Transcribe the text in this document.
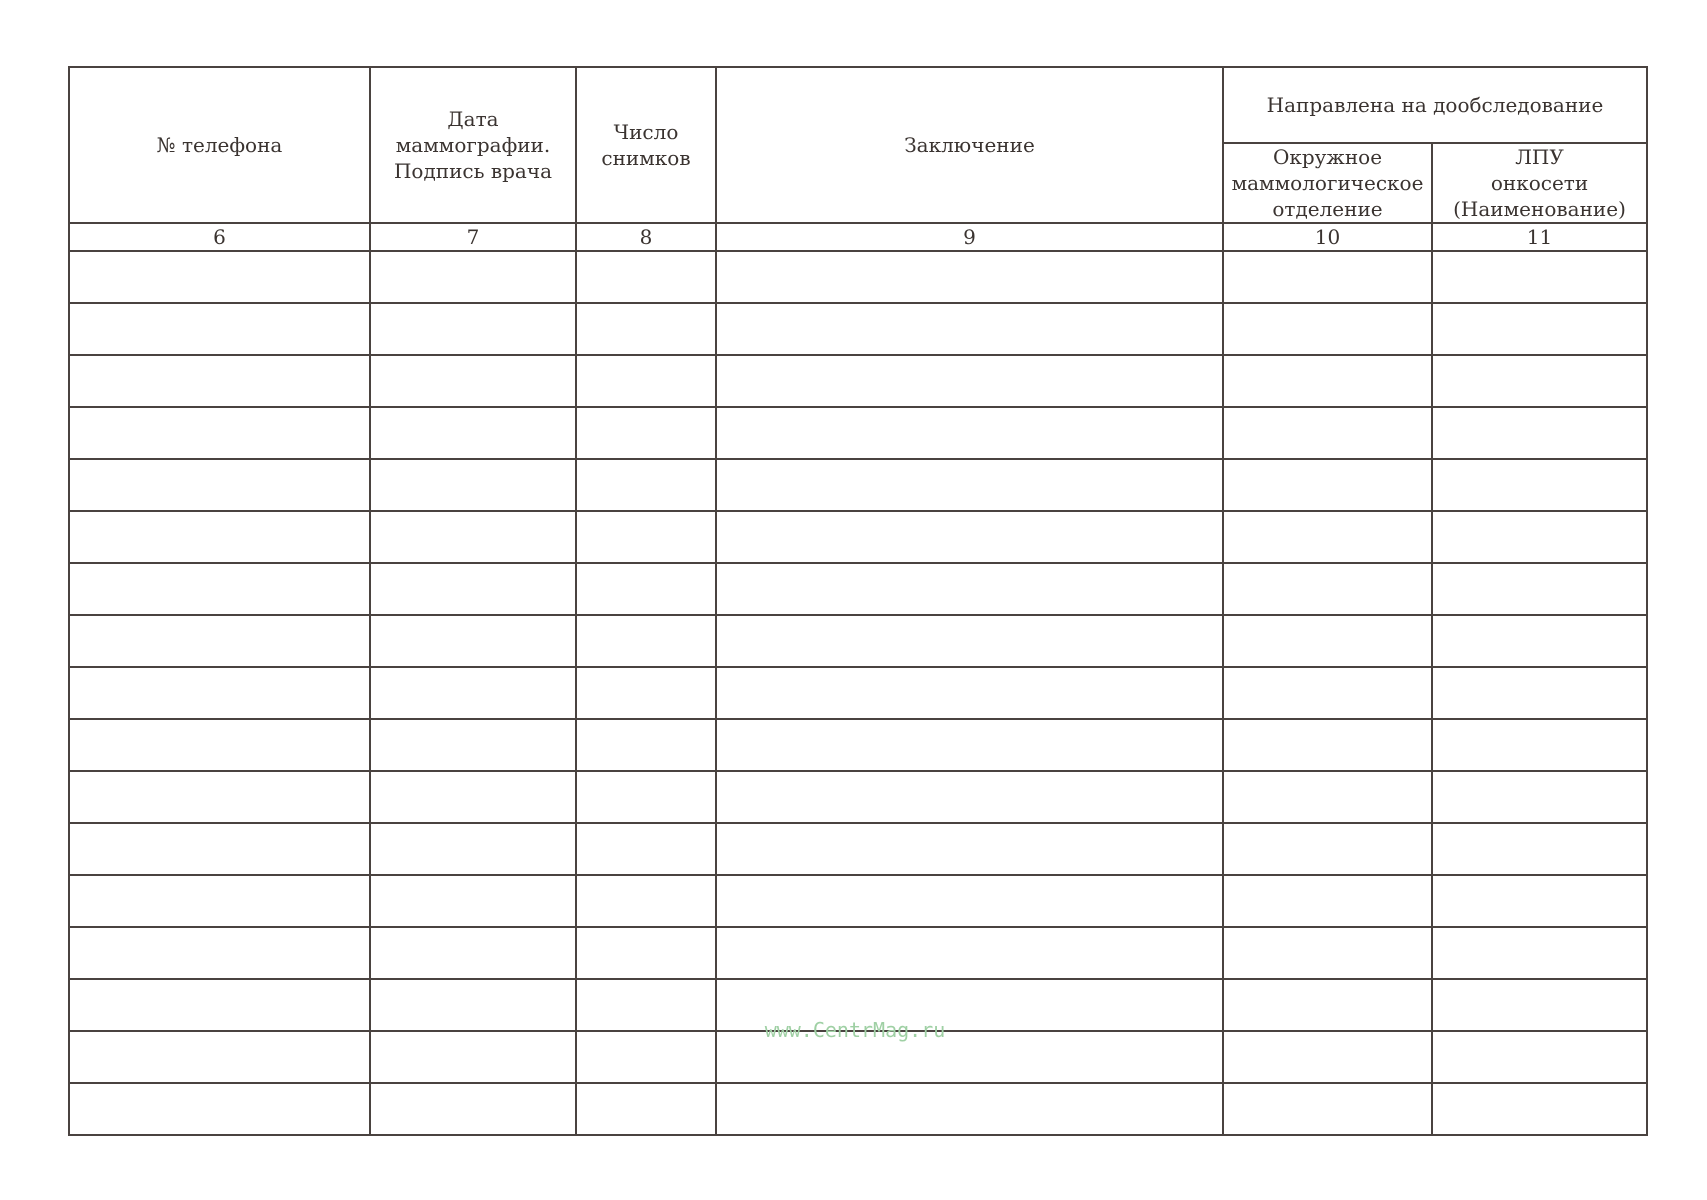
№ телефона	Дата
маммографии.
Подпись врача	Число
снимков	Заключение	Направлена на дообследование	

				Окружное
маммологическое
отделение	ЛПУ
онкосети
(Наименование)

6	7	8	9	10	11

www.CentrMag.ru
